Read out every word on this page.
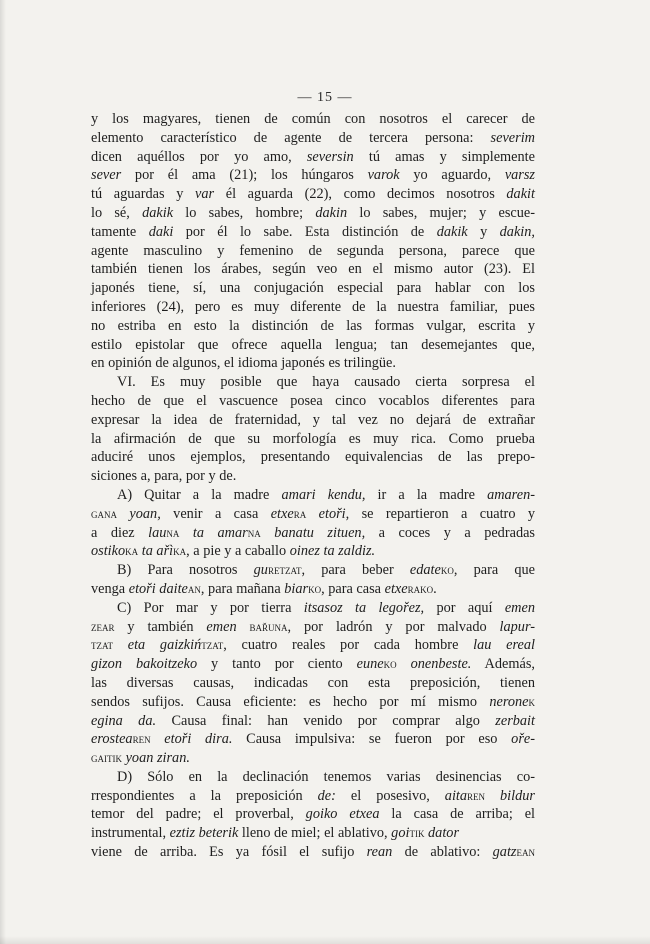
— 15 —
y los magyares, tienen de común con nosotros el carecer de
elemento característico de agente de tercera persona: severim
dicen aquéllos por yo amo, seversin tú amas y simplemente
sever por él ama (21); los húngaros varok yo aguardo, varsz
tú aguardas y var él aguarda (22), como decimos nosotros dakit
lo sé, dakik lo sabes, hombre; dakin lo sabes, mujer; y escue-
tamente daki por él lo sabe. Esta distinción de dakik y dakin,
agente masculino y femenino de segunda persona, parece que
también tienen los árabes, según veo en el mismo autor (23). El
japonés tiene, sí, una conjugación especial para hablar con los
inferiores (24), pero es muy diferente de la nuestra familiar, pues
no estriba en esto la distinción de las formas vulgar, escrita y
estilo epistolar que ofrece aquella lengua; tan desemejantes que,
en opinión de algunos, el idioma japonés es trilingüe.
VI. Es muy posible que haya causado cierta sorpresa el
hecho de que el vascuence posea cinco vocablos diferentes para
expresar la idea de fraternidad, y tal vez no dejará de extrañar
la afirmación de que su morfología es muy rica. Como prueba
aduciré unos ejemplos, presentando equivalencias de las prepo-
siciones a, para, por y de.
A) Quitar a la madre amari kendu, ir a la madre amaren-
gana yoan, venir a casa etxera etoři, se repartieron a cuatro y
a diez launa ta amarna banatu zituen, a coces y a pedradas
ostikoka ta ařìka, a pie y a caballo oinez ta zaldiz.
B) Para nosotros guretzat, para beber edateko, para que
venga etoři daitean, para mañana biarko, para casa etxerako.
C) Por mar y por tierra itsasoz ta legořez, por aquí emen
zear y también emen bařuna, por ladrón y por malvado lapur-
tzat eta gaizkińtzat, cuatro reales por cada hombre lau ereal
gizon bakoitzeko y tanto por ciento euneko onenbeste. Además,
las diversas causas, indicadas con esta preposición, tienen
sendos sufijos. Causa eficiente: es hecho por mí mismo neronek
egina da. Causa final: han venido por comprar algo zerbait
erostearen etoři dira. Causa impulsiva: se fueron por eso oře-
gaitik yoan ziran.
D) Sólo en la declinación tenemos varias desinencias co-
rrespondientes a la preposición de: el posesivo, aitaren bildur
temor del padre; el proverbal, goiko etxea la casa de arriba; el
instrumental, eztiz beterik lleno de miel; el ablativo, goitik dator
viene de arriba. Es ya fósil el sufijo rean de ablativo: gatzean
